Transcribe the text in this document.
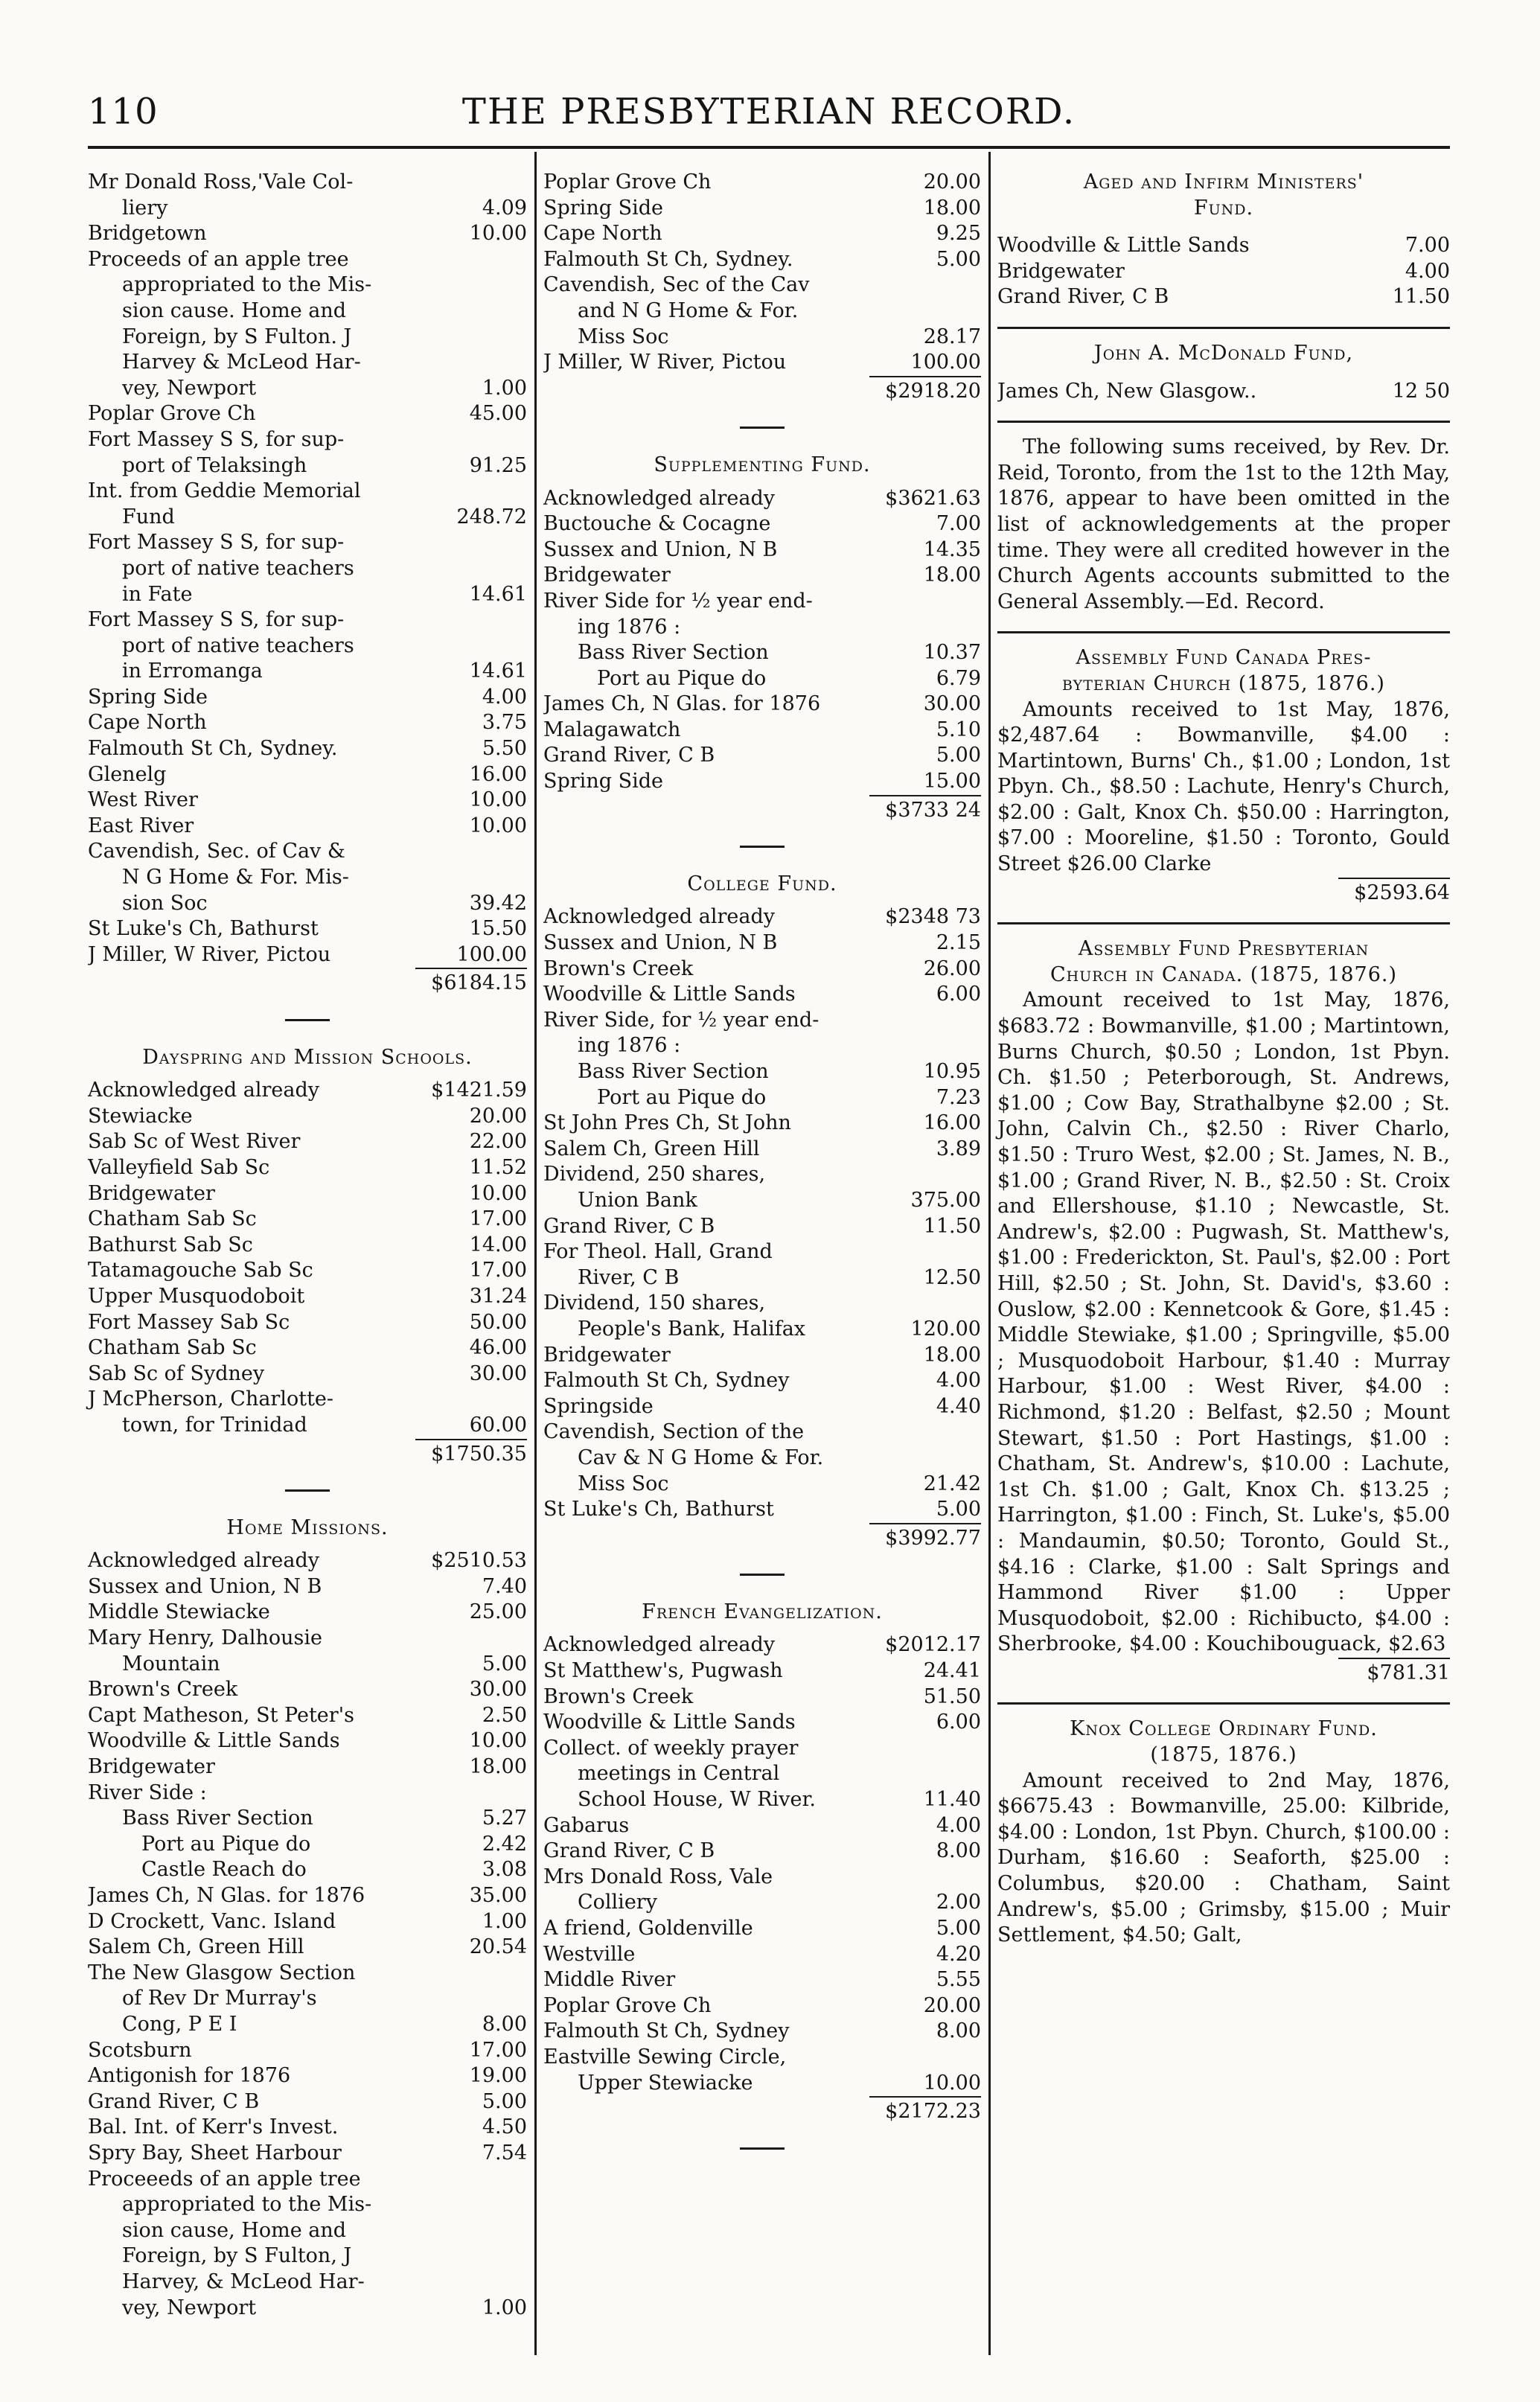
110	THE PRESBYTERIAN RECORD.
Mr Donald Ross,'Vale Col-
liery	4.09
Bridgetown	10.00
Proceeds of an apple tree
appropriated to the Mis-
sion cause. Home and
Foreign, by S Fulton. J
Harvey & McLeod Har-
vey, Newport	1.00
Poplar Grove Ch	45.00
Fort Massey S S, for sup-
port of Telaksingh	91.25
Int. from Geddie Memorial
Fund	248.72
Fort Massey S S, for sup-
port of native teachers
in Fate	14.61
Fort Massey S S, for sup-
port of native teachers
in Erromanga	14.61
Spring Side	4.00
Cape North	3.75
Falmouth St Ch, Sydney.	5.50
Glenelg	16.00
West River	10.00
East River	10.00
Cavendish, Sec. of Cav &
N G Home & For. Mis-
sion Soc	39.42
St Luke's Ch, Bathurst	15.50
J Miller, W River, Pictou	100.00
$6184.15
Dayspring and Mission Schools.
Acknowledged already	$1421.59
Stewiacke	20.00
Sab Sc of West River	22.00
Valleyfield Sab Sc	11.52
Bridgewater	10.00
Chatham Sab Sc	17.00
Bathurst Sab Sc	14.00
Tatamagouche Sab Sc	17.00
Upper Musquodoboit	31.24
Fort Massey Sab Sc	50.00
Chatham Sab Sc	46.00
Sab Sc of Sydney	30.00
J McPherson, Charlotte-
town, for Trinidad	60.00
$1750.35
Home Missions.
Acknowledged already	$2510.53
Sussex and Union, N B	7.40
Middle Stewiacke	25.00
Mary Henry, Dalhousie
Mountain	5.00
Brown's Creek	30.00
Capt Matheson, St Peter's	2.50
Woodville & Little Sands	10.00
Bridgewater	18.00
River Side :
Bass River Section	5.27
Port au Pique do	2.42
Castle Reach do	3.08
James Ch, N Glas. for 1876	35.00
D Crockett, Vanc. Island	1.00
Salem Ch, Green Hill	20.54
The New Glasgow Section
of Rev Dr Murray's
Cong, P E I	8.00
Scotsburn	17.00
Antigonish for 1876	19.00
Grand River, C B	5.00
Bal. Int. of Kerr's Invest.	4.50
Spry Bay, Sheet Harbour	7.54
Proceeeds of an apple tree
appropriated to the Mis-
sion cause, Home and
Foreign, by S Fulton, J
Harvey, & McLeod Har-
vey, Newport	1.00
Poplar Grove Ch	20.00
Spring Side	18.00
Cape North	9.25
Falmouth St Ch, Sydney.	5.00
Cavendish, Sec of the Cav
and N G Home & For.
Miss Soc	28.17
J Miller, W River, Pictou	100.00
$2918.20
Supplementing Fund.
Acknowledged already	$3621.63
Buctouche & Cocagne	7.00
Sussex and Union, N B	14.35
Bridgewater	18.00
River Side for ½ year end-
ing 1876 :
Bass River Section	10.37
Port au Pique do	6.79
James Ch, N Glas. for 1876	30.00
Malagawatch	5.10
Grand River, C B	5.00
Spring Side	15.00
$3733 24
College Fund.
Acknowledged already	$2348 73
Sussex and Union, N B	2.15
Brown's Creek	26.00
Woodville & Little Sands	6.00
River Side, for ½ year end-
ing 1876 :
Bass River Section	10.95
Port au Pique do	7.23
St John Pres Ch, St John	16.00
Salem Ch, Green Hill	3.89
Dividend, 250 shares,
Union Bank	375.00
Grand River, C B	11.50
For Theol. Hall, Grand
River, C B	12.50
Dividend, 150 shares,
People's Bank, Halifax	120.00
Bridgewater	18.00
Falmouth St Ch, Sydney	4.00
Springside	4.40
Cavendish, Section of the
Cav & N G Home & For.
Miss Soc	21.42
St Luke's Ch, Bathurst	5.00
$3992.77
French Evangelization.
Acknowledged already	$2012.17
St Matthew's, Pugwash	24.41
Brown's Creek	51.50
Woodville & Little Sands	6.00
Collect. of weekly prayer
meetings in Central
School House, W River.	11.40
Gabarus	4.00
Grand River, C B	8.00
Mrs Donald Ross, Vale
Colliery	2.00
A friend, Goldenville	5.00
Westville	4.20
Middle River	5.55
Poplar Grove Ch	20.00
Falmouth St Ch, Sydney	8.00
Eastville Sewing Circle,
Upper Stewiacke	10.00
$2172.23
Aged and Infirm Ministers'
Fund.
Woodville & Little Sands	7.00
Bridgewater	4.00
Grand River, C B	11.50
John A. McDonald Fund,
James Ch, New Glasgow..	12 50
The following sums received, by Rev. Dr. Reid, Toronto, from the 1st to the 12th May, 1876, appear to have been omitted in the list of acknowledgements at the proper time. They were all credited however in the Church Agents accounts submitted to the General Assembly.—Ed. Record.
Assembly Fund Canada Pres-
byterian Church (1875, 1876.)
Amounts received to 1st May, 1876, $2,487.64 : Bowmanville, $4.00 : Martintown, Burns' Ch., $1.00 ; London, 1st Pbyn. Ch., $8.50 : Lachute, Henry's Church, $2.00 : Galt, Knox Ch. $50.00 : Harrington, $7.00 : Mooreline, $1.50 : Toronto, Gould Street $26.00 Clarke
$2593.64
Assembly Fund Presbyterian
Church in Canada. (1875, 1876.)
Amount received to 1st May, 1876, $683.72 : Bowmanville, $1.00 ; Martintown, Burns Church, $0.50 ; London, 1st Pbyn. Ch. $1.50 ; Peterborough, St. Andrews, $1.00 ; Cow Bay, Strathalbyne $2.00 ; St. John, Calvin Ch., $2.50 : River Charlo, $1.50 : Truro West, $2.00 ; St. James, N. B., $1.00 ; Grand River, N. B., $2.50 : St. Croix and Ellershouse, $1.10 ; Newcastle, St. Andrew's, $2.00 : Pugwash, St. Matthew's, $1.00 : Frederickton, St. Paul's, $2.00 : Port Hill, $2.50 ; St. John, St. David's, $3.60 : Ouslow, $2.00 : Kennetcook & Gore, $1.45 : Middle Stewiake, $1.00 ; Springville, $5.00 ; Musquodoboit Harbour, $1.40 : Murray Harbour, $1.00 : West River, $4.00 : Richmond, $1.20 : Belfast, $2.50 ; Mount Stewart, $1.50 : Port Hastings, $1.00 : Chatham, St. Andrew's, $10.00 : Lachute, 1st Ch. $1.00 ; Galt, Knox Ch. $13.25 ; Harrington, $1.00 : Finch, St. Luke's, $5.00 : Mandaumin, $0.50; Toronto, Gould St., $4.16 : Clarke, $1.00 : Salt Springs and Hammond River $1.00 : Upper Musquodoboit, $2.00 : Richibucto, $4.00 : Sherbrooke, $4.00 : Kouchibouguack, $2.63
$781.31
Knox College Ordinary Fund.
(1875, 1876.)
Amount received to 2nd May, 1876, $6675.43 : Bowmanville, 25.00: Kilbride, $4.00 : London, 1st Pbyn. Church, $100.00 : Durham, $16.60 : Seaforth, $25.00 : Columbus, $20.00 : Chatham, Saint Andrew's, $5.00 ; Grimsby, $15.00 ; Muir Settlement, $4.50; Galt,
